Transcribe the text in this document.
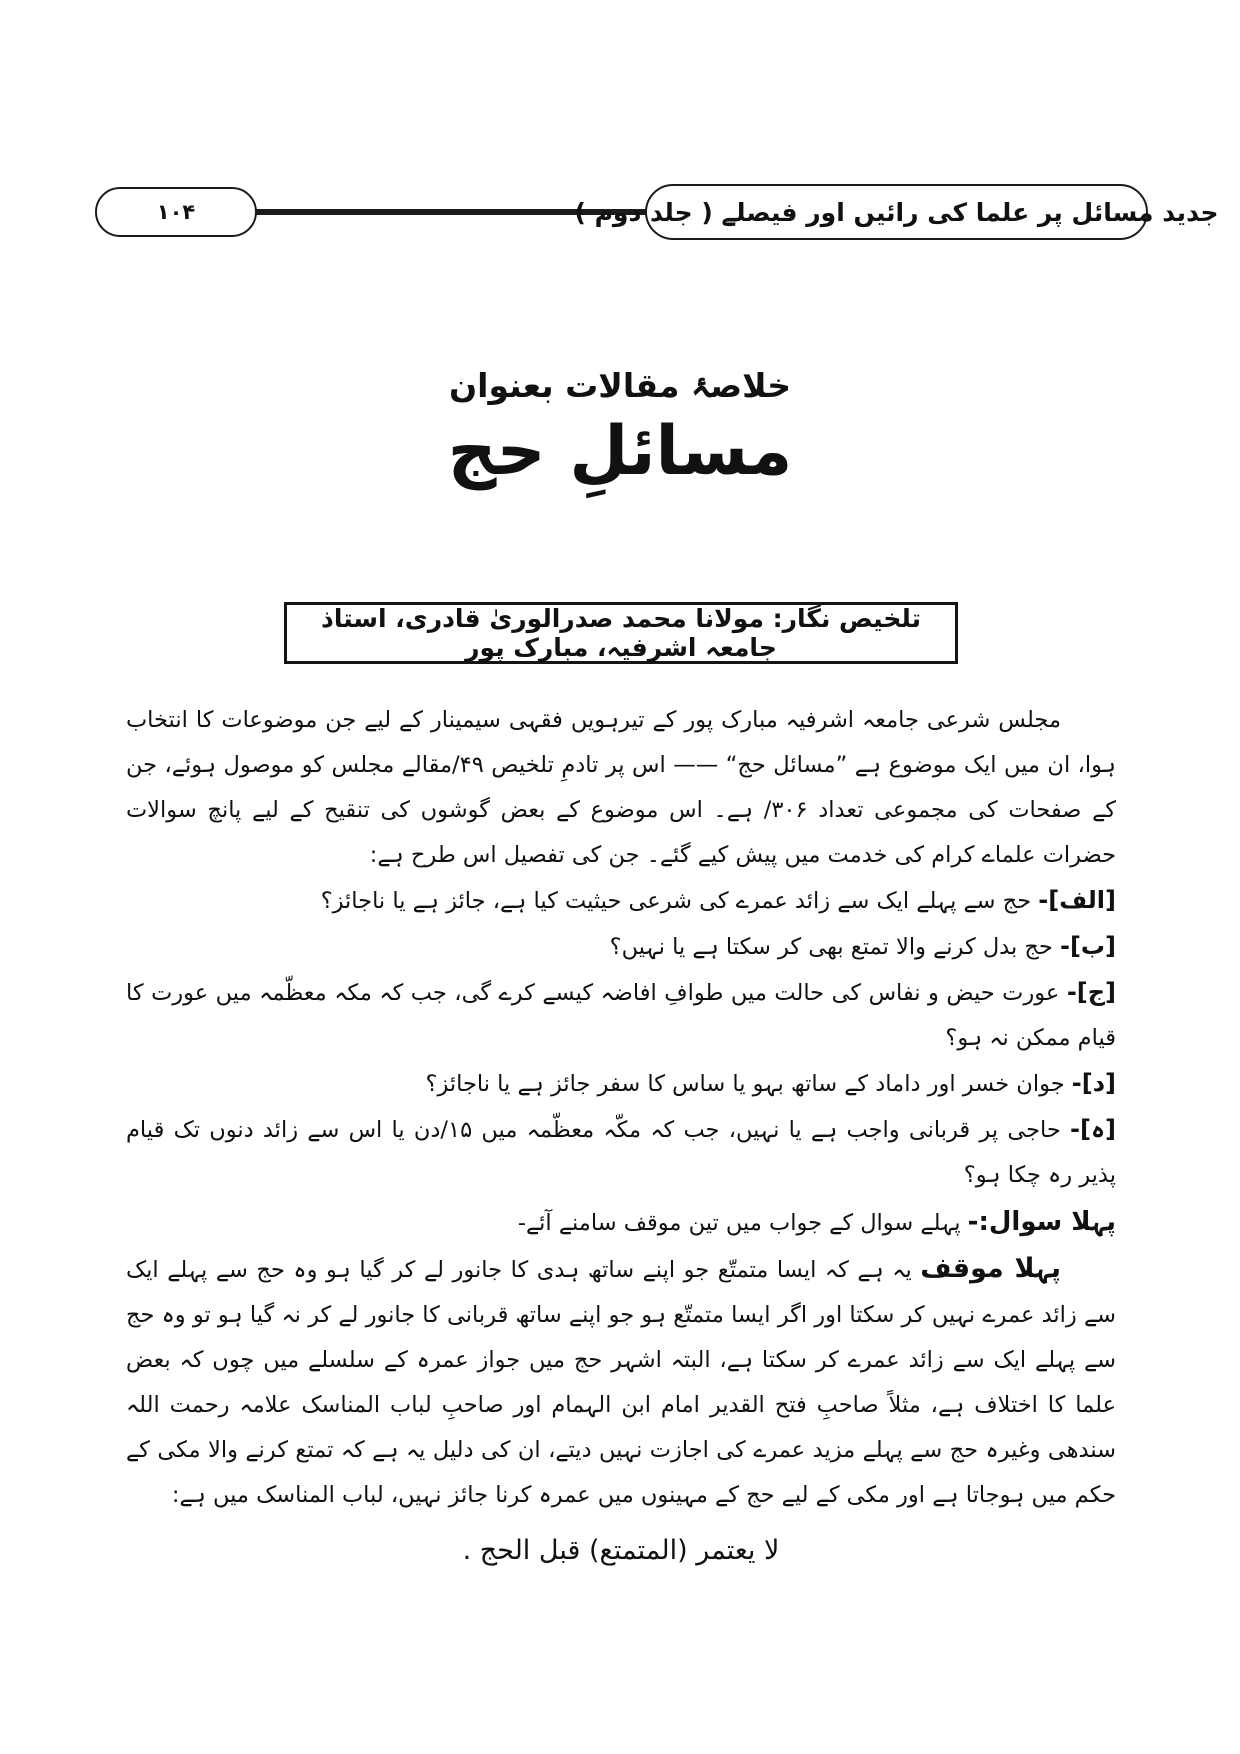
۱۰۴	جدید مسائل پر علما کی رائیں اور فیصلے ( جلد دوم )
خلاصۂ مقالات بعنوان
مسائلِ حج
تلخیص نگار: مولانا محمد صدرالورىٰ قادری، استاذ جامعہ اشرفیہ، مبارک پور
مجلس شرعی جامعہ اشرفیہ مبارک پور کے تیرہویں فقہی سیمینار کے لیے جن موضوعات کا انتخاب ہوا، ان میں ایک موضوع ہے ”مسائل حج“ —— اس پر تادمِ تلخیص ۴۹/مقالے مجلس کو موصول ہوئے، جن کے صفحات کی مجموعی تعداد ۳۰۶/ ہے۔ اس موضوع کے بعض گوشوں کی تنقیح کے لیے پانچ سوالات حضرات علماے کرام کی خدمت میں پیش کیے گئے۔ جن کی تفصیل اس طرح ہے:
[الف]- حج سے پہلے ایک سے زائد عمرے کی شرعی حیثیت کیا ہے، جائز ہے یا ناجائز؟
[ب]- حج بدل کرنے والا تمتع بھی کر سکتا ہے یا نہیں؟
[ج]- عورت حیض و نفاس کی حالت میں طوافِ افاضہ کیسے کرے گی، جب کہ مکہ معظّمہ میں عورت کا قیام ممکن نہ ہو؟
[د]- جوان خسر اور داماد کے ساتھ بہو یا ساس کا سفر جائز ہے یا ناجائز؟
[ہ]- حاجی پر قربانی واجب ہے یا نہیں، جب کہ مکّہ معظّمہ میں ۱۵/دن یا اس سے زائد دنوں تک قیام پذیر رہ چکا ہو؟
پہلا سوال:- پہلے سوال کے جواب میں تین موقف سامنے آئے-
پہلا موقف یہ ہے کہ ایسا متمتّع جو اپنے ساتھ ہدی کا جانور لے کر گیا ہو وہ حج سے پہلے ایک سے زائد عمرے نہیں کر سکتا اور اگر ایسا متمتّع ہو جو اپنے ساتھ قربانی کا جانور لے کر نہ گیا ہو تو وہ حج سے پہلے ایک سے زائد عمرے کر سکتا ہے، البتہ اشہر حج میں جواز عمرہ کے سلسلے میں چوں کہ بعض علما کا اختلاف ہے، مثلاً صاحبِ فتح القدیر امام ابن الہمام اور صاحبِ لباب المناسک علامہ رحمت اللہ سندھی وغیرہ حج سے پہلے مزید عمرے کی اجازت نہیں دیتے، ان کی دلیل یہ ہے کہ تمتع کرنے والا مکی کے حکم میں ہوجاتا ہے اور مکی کے لیے حج کے مہینوں میں عمرہ کرنا جائز نہیں، لباب المناسک میں ہے:
لا يعتمر (المتمتع) قبل الحج .
